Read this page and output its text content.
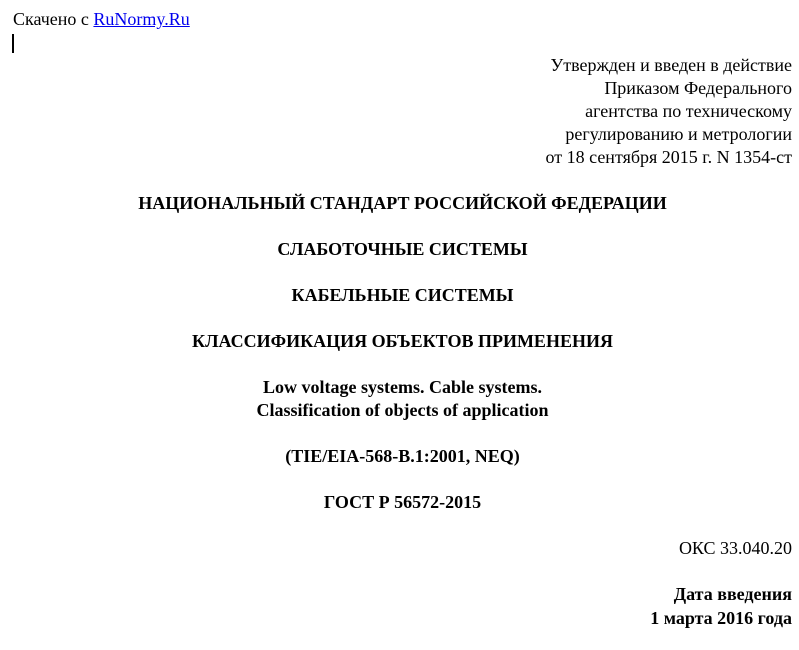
Скачено с RuNormy.Ru
Утвержден и введен в действие
Приказом Федерального
агентства по техническому
регулированию и метрологии
от 18 сентября 2015 г. N 1354-ст
НАЦИОНАЛЬНЫЙ СТАНДАРТ РОССИЙСКОЙ ФЕДЕРАЦИИ
СЛАБОТОЧНЫЕ СИСТЕМЫ
КАБЕЛЬНЫЕ СИСТЕМЫ
КЛАССИФИКАЦИЯ ОБЪЕКТОВ ПРИМЕНЕНИЯ
Low voltage systems. Cable systems.
Classification of objects of application
(TIE/EIA-568-B.1:2001, NEQ)
ГОСТ Р 56572-2015
ОКС 33.040.20
Дата введения
1 марта 2016 года
